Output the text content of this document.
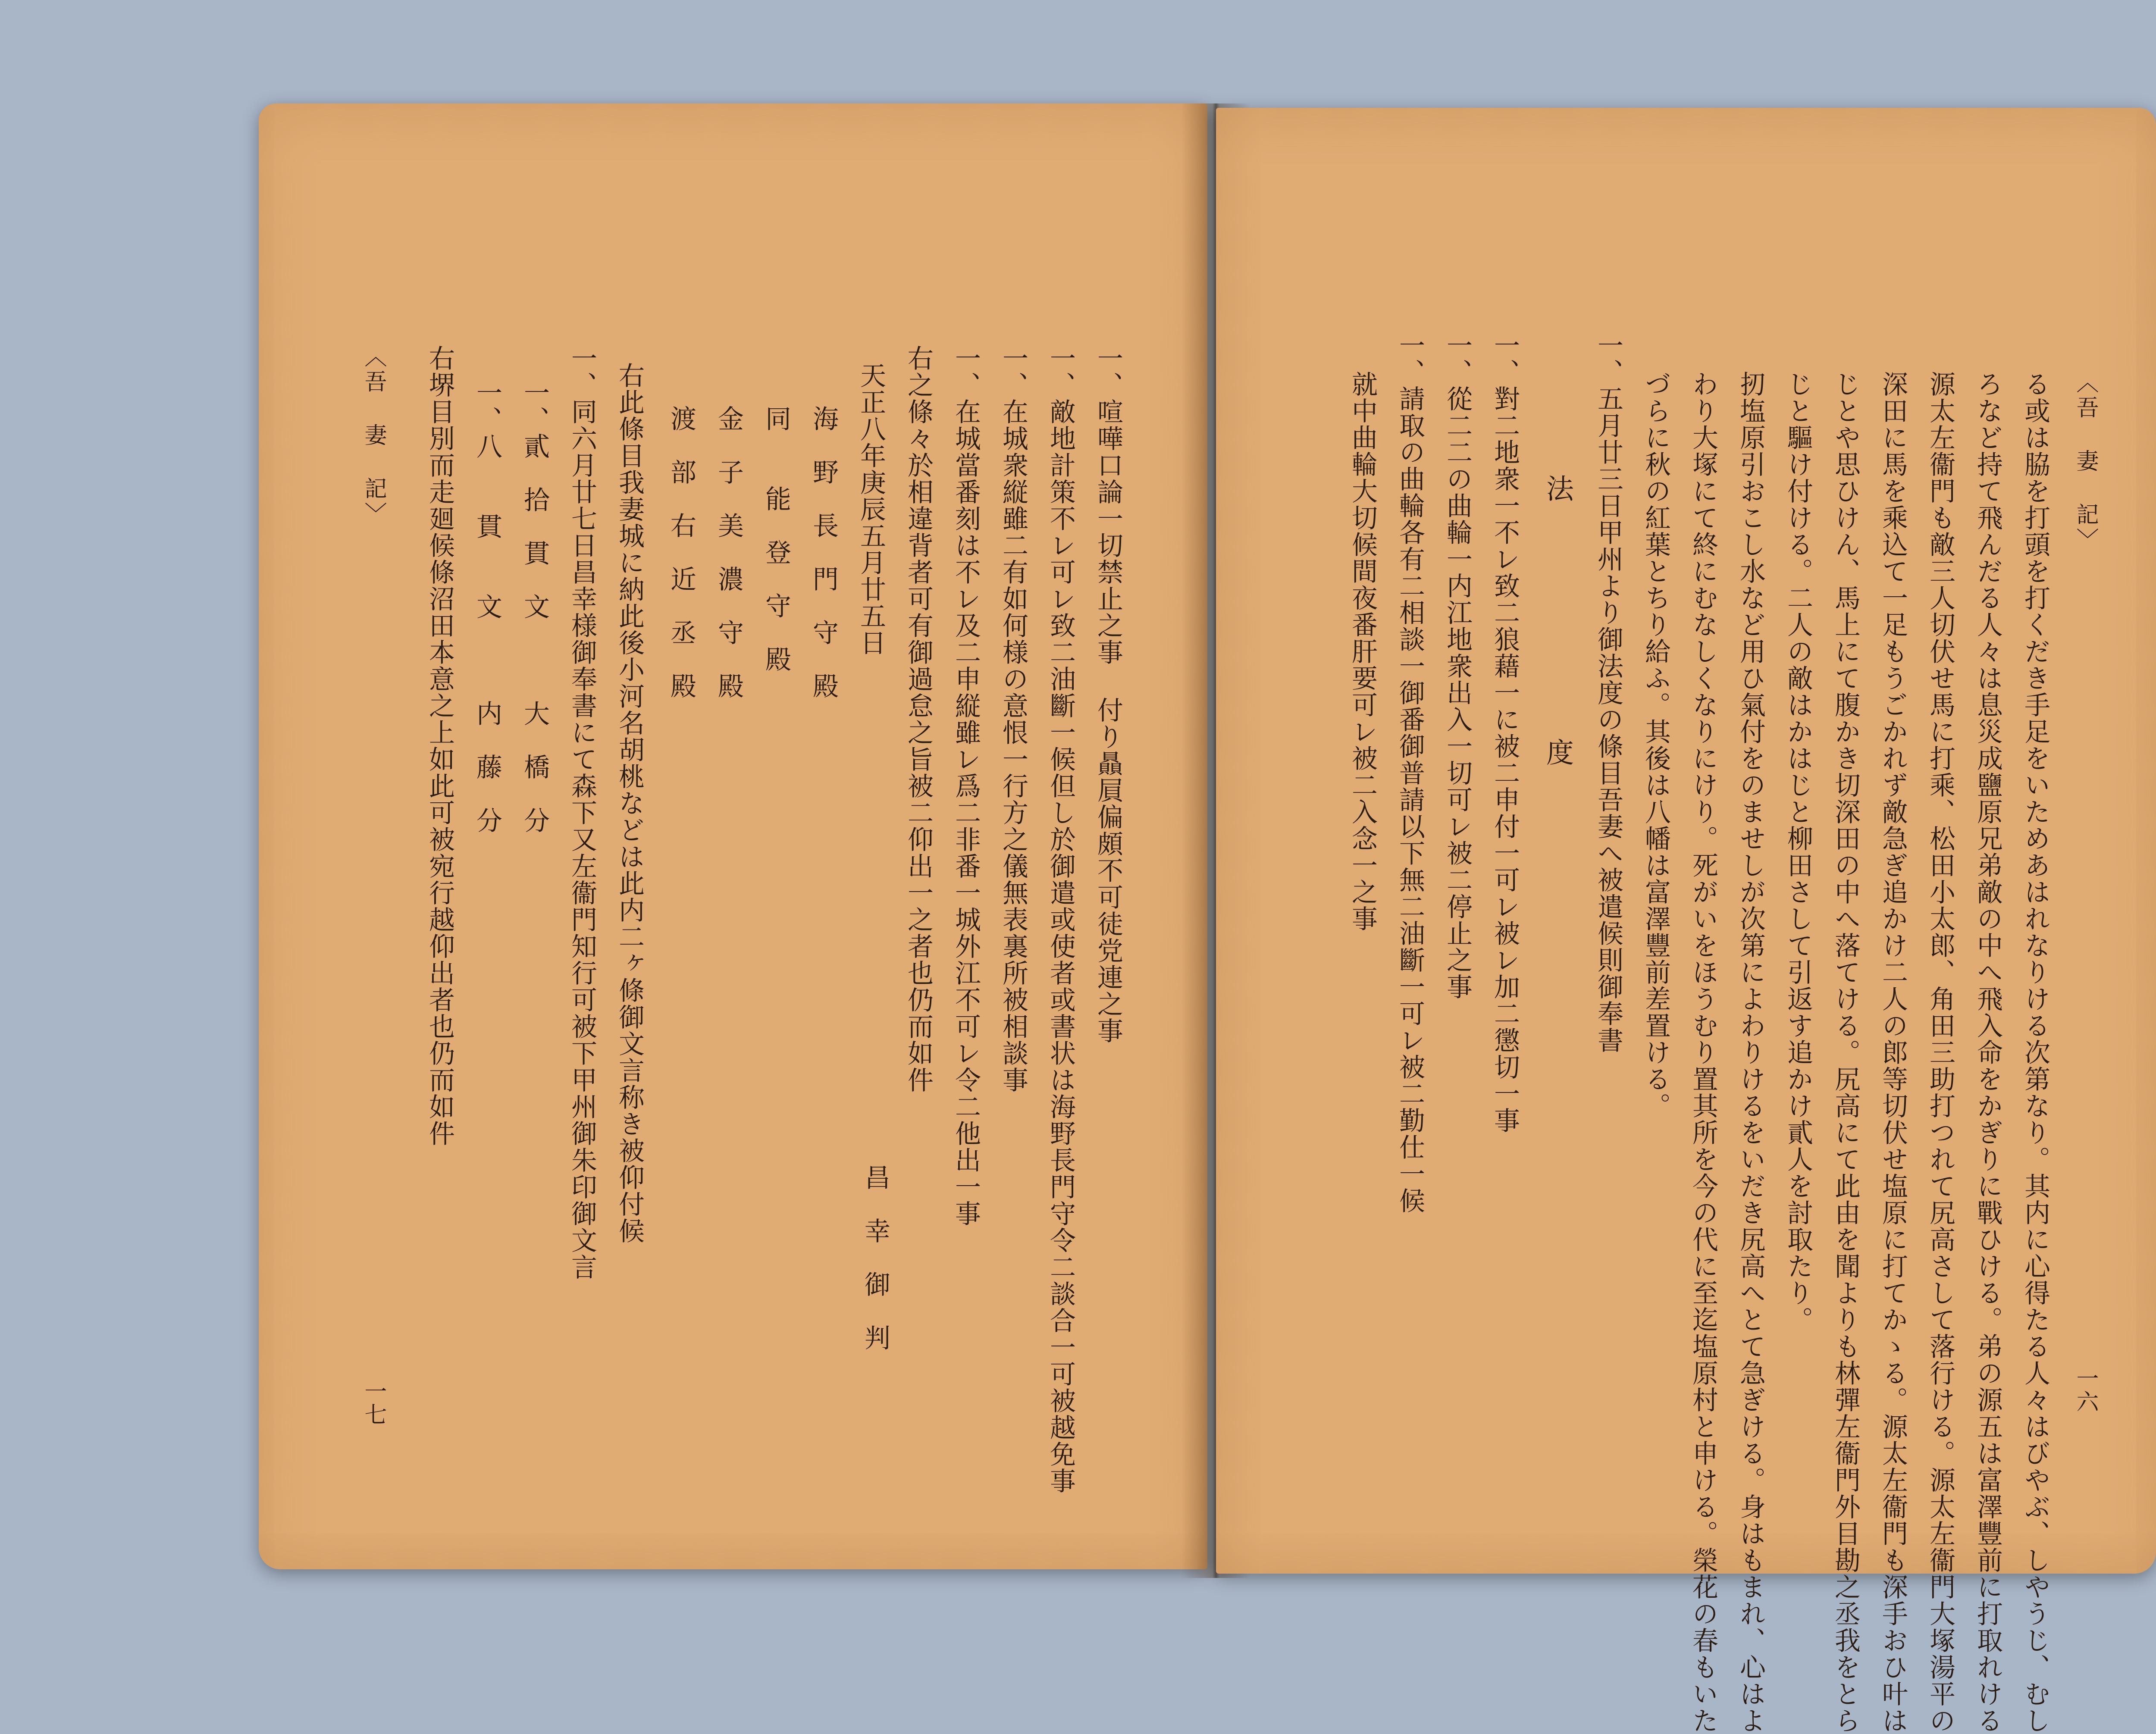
一、喧嘩口論一切禁止之事 付り贔屓偏頗不可徒党連之事
一、敵地計策不レ可レ致二油斷一候但し於御遣或使者或書状は海野長門守令二談合一可被越免事
一、在城衆縦雖二有如何様の意恨一行方之儀無表裏所被相談事
一、在城當番刻は不レ及二申縦雖レ爲二非番一城外江不可レ令二他出一事
右之條々於相違背者可有御過怠之旨被二仰出一之者也仍而如件
天正八年庚辰五月廿五日
昌　幸　御　判
海　野　長　門　守　殿
同　　能　登　守　殿
金　子　美　濃　守　殿
渡　部　右　近　丞　殿
右此條目我妻城に納此後小河名胡桃などは此内二ヶ條御文言称き被仰付候
一、同六月廿七日昌幸様御奉書にて森下又左衞門知行可被下甲州御朱印御文言
一、貳　拾　貫　文　　　大　橋　分
一、八　　貫　　文　　　内　藤　分
右堺目別而走廻候條沼田本意之上如此可被宛行越仰出者也仍而如件
〈吾 妻 記〉
一七
〈吾 妻 記〉
一六
る或は脇を打頭を打くだき手足をいためあはれなりける次第なり。其内に心得たる人々はびやぶ、しやうじ、むし
ろなど持て飛んだる人々は息災成鹽原兄弟敵の中へ飛入命をかぎりに戰ひける。弟の源五は富澤豐前に打取れける
源太左衞門も敵三人切伏せ馬に打乘、松田小太郎、角田三助打つれて尻高さして落行ける。源太左衞門大塚湯平の
深田に馬を乘込て一足もうごかれず敵急ぎ追かけ二人の郎等切伏せ塩原に打てかゝる。源太左衞門も深手おひ叶は
じとや思ひけん、馬上にて腹かき切深田の中へ落てける。尻高にて此由を聞よりも林彈左衞門外目勘之丞我をとら
じと驅け付ける。二人の敵はかはじと柳田さして引返す追かけ貳人を討取たり。
扨塩原引おこし水など用ひ氣付をのませしが次第によわりけるをいだき尻高へとて急ぎける。身はもまれ、心はよ
わり大塚にて終にむなしくなりにけり。死がいをほうむり置其所を今の代に至迄塩原村と申ける。榮花の春もいた
づらに秋の紅葉とちり給ふ。其後は八幡は富澤豐前差置ける。
一、五月廿三日甲州より御法度の條目吾妻へ被遣候則御奉書
法　　度
一、對二地衆一不レ致二狼藉一に被二申付一可レ被レ加二懲切一事
一、從二二の曲輪一内江地衆出入一切可レ被二停止之事
一、請取の曲輪各有二相談一御番御普請以下無二油斷一可レ被二勤仕一候
就中曲輪大切候間夜番肝要可レ被二入念一之事
